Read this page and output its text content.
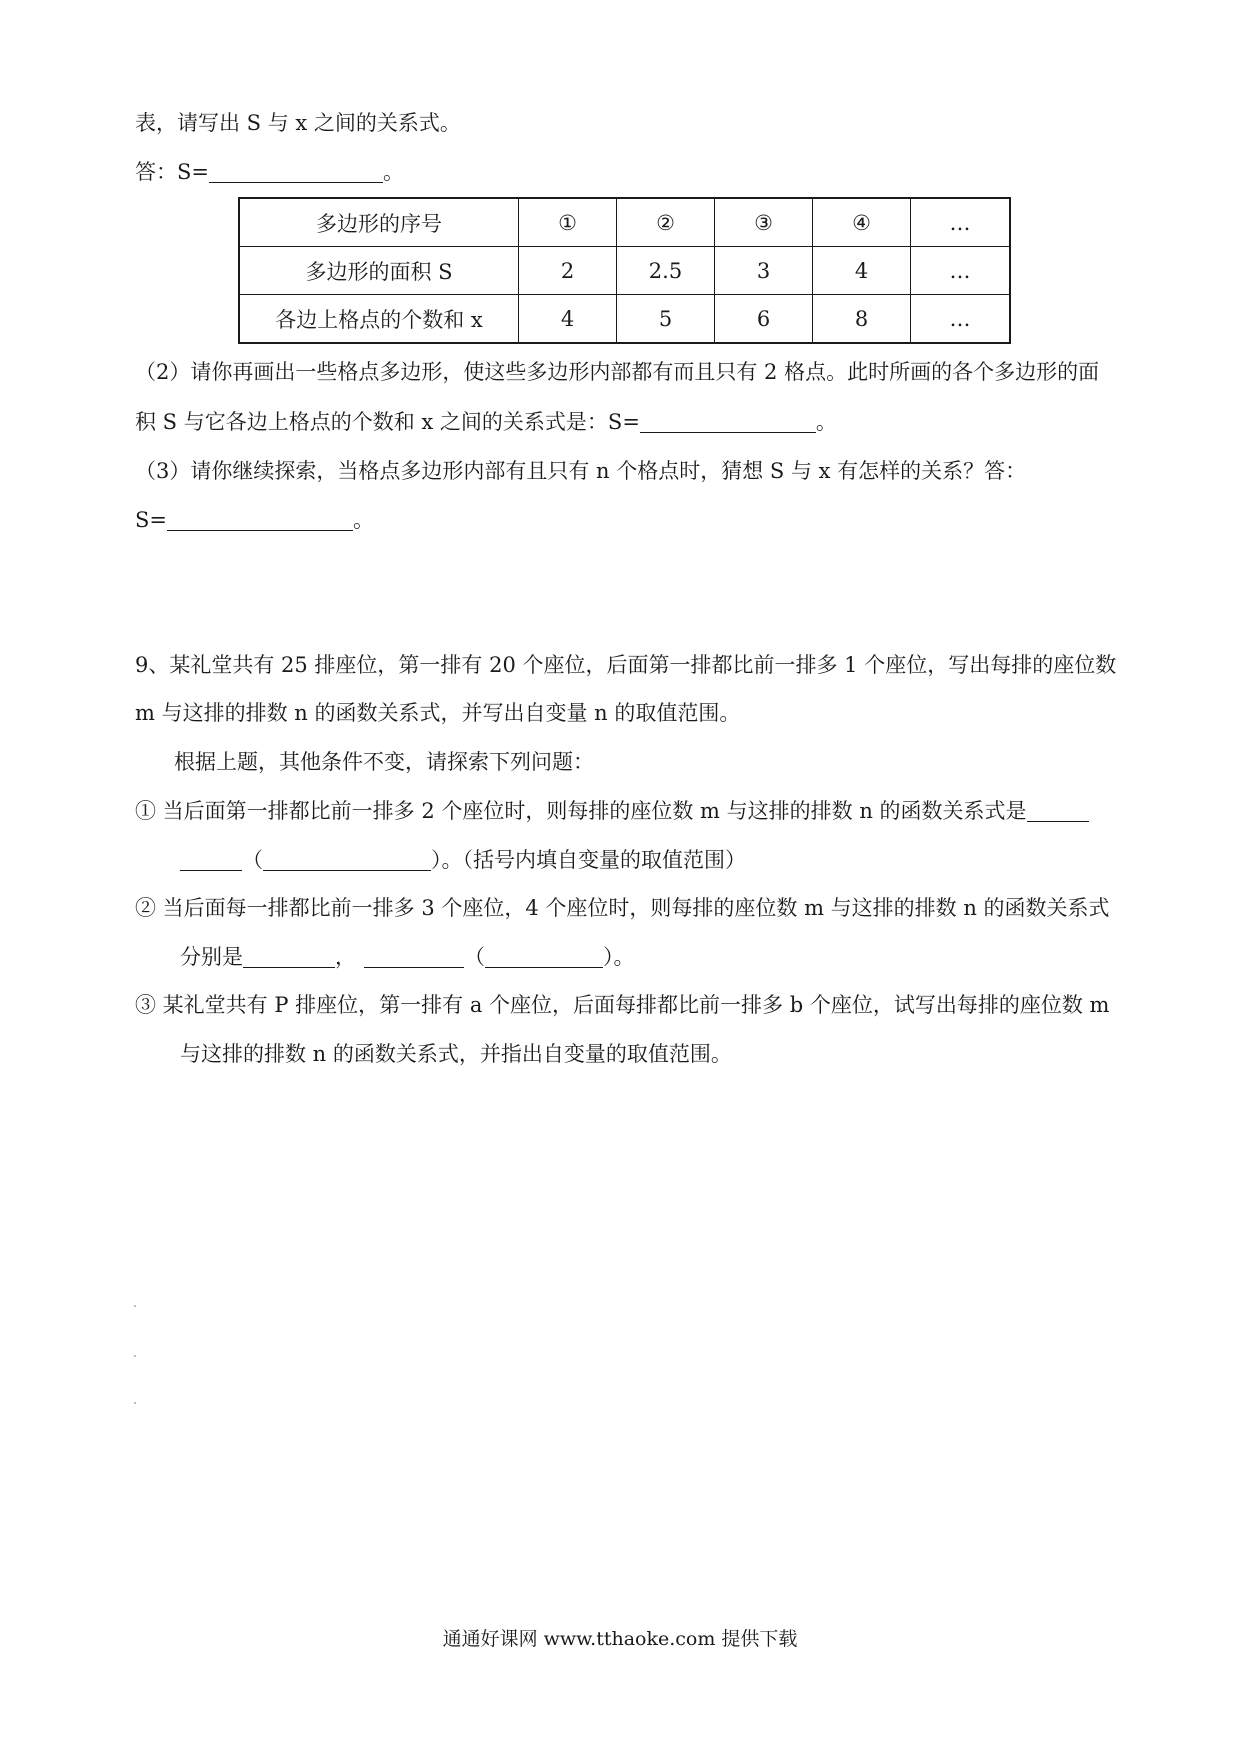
表，请写出 S 与 x 之间的关系式。
答：S=	。
多边形的序号	①	②	③	④	…
多边形的面积 S	2	2.5	3	4	…
各边上格点的个数和 x	4	5	6	8	…
（2）请你再画出一些格点多边形，使这些多边形内部都有而且只有 2 格点。此时所画的各个多边形的面
积 S 与它各边上格点的个数和 x 之间的关系式是：S=	。
（3）请你继续探索，当格点多边形内部有且只有 n 个格点时，猜想 S 与 x 有怎样的关系？答：
S=	。
9、某礼堂共有 25 排座位，第一排有 20 个座位，后面第一排都比前一排多 1 个座位，写出每排的座位数
m 与这排的排数 n 的函数关系式，并写出自变量 n 的取值范围。
根据上题，其他条件不变，请探索下列问题：
① 当后面第一排都比前一排多 2 个座位时，则每排的座位数 m 与这排的排数 n 的函数关系式是
（	）。（括号内填自变量的取值范围）
② 当后面每一排都比前一排多 3 个座位，4 个座位时，则每排的座位数 m 与这排的排数 n 的函数关系式
分别是	，	（	）。
③ 某礼堂共有 P 排座位，第一排有 a 个座位，后面每排都比前一排多 b 个座位，试写出每排的座位数 m
与这排的排数 n 的函数关系式，并指出自变量的取值范围。
通通好课网 www.tthaoke.com 提供下载
